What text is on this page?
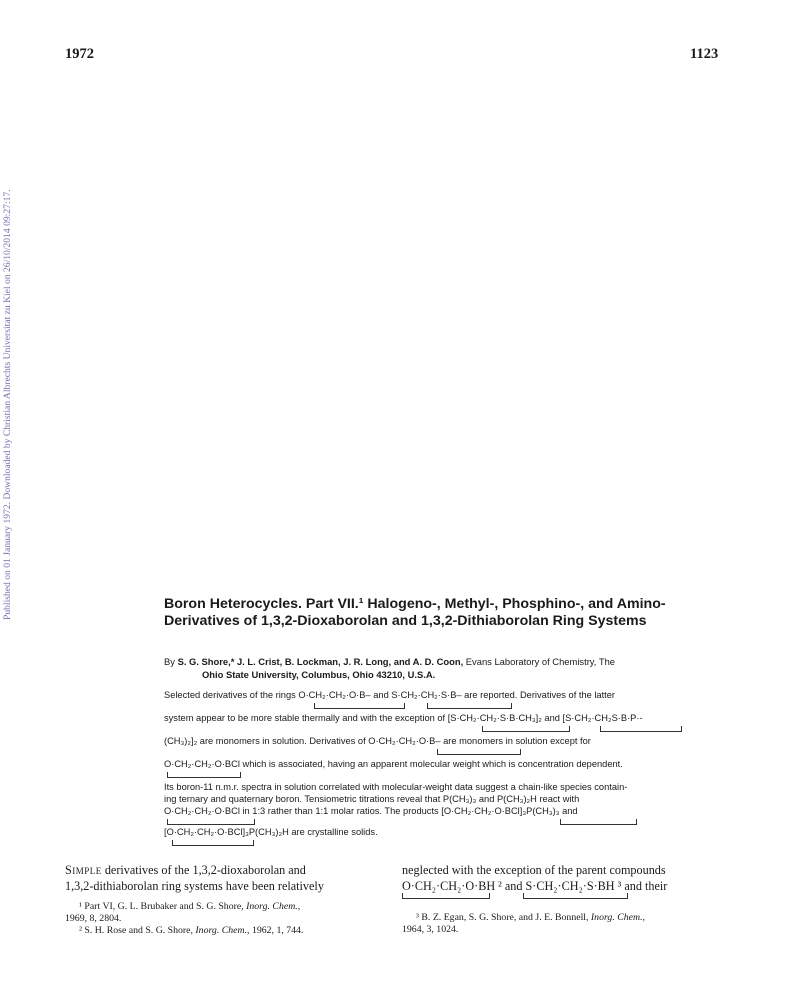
1972	1123
Published on 01 January 1972. Downloaded by Christian Albrechts Universitat zu Kiel on 26/10/2014 09:27:17.	Boron Heterocycles. Part VII.¹ Halogeno-, Methyl-, Phosphino-, and Amino-Derivatives of 1,3,2-Dioxaborolan and 1,3,2-Dithiaborolan Ring Systems
By S. G. Shore,* J. L. Crist, B. Lockman, J. R. Long, and A. D. Coon, Evans Laboratory of Chemistry, The
Ohio State University, Columbus, Ohio 43210, U.S.A.
Selected derivatives of the rings O·CH₂·CH₂·O·B– and S·CH₂·CH₂·S·B– are reported. Derivatives of the latter
system appear to be more stable thermally and with the exception of [S·CH₂·CH₂·S·B·CH₃]₂ and [S·CH₂·CH₂S·B·P·-
(CH₃)₂]₂ are monomers in solution. Derivatives of O·CH₂·CH₂·O·B– are monomers in solution except for
O·CH₂·CH₂·O·BCl which is associated, having an apparent molecular weight which is concentration dependent.
Its boron-11 n.m.r. spectra in solution correlated with molecular-weight data suggest a chain-like species contain-
ing ternary and quaternary boron. Tensiometric titrations reveal that P(CH₃)₃ and P(CH₃)₂H react with
O·CH₂·CH₂·O·BCl in 1:3 rather than 1:1 molar ratios. The products [O·CH₂·CH₂·O·BCl]₃P(CH₃)₃ and
[O·CH₂·CH₂·O·BCl]₃P(CH₃)₂H are crystalline solids.
Simple derivatives of the 1,3,2-dioxaborolan and
1,3,2-dithiaborolan ring systems have been relatively
neglected with the exception of the parent compounds
O·CH₂·CH₂·O·BH ² and S·CH₂·CH₂·S·BH ³ and their
¹ Part VI, G. L. Brubaker and S. G. Shore, Inorg. Chem.,
1969, 8, 2804.
² S. H. Rose and S. G. Shore, Inorg. Chem., 1962, 1, 744.
³ B. Z. Egan, S. G. Shore, and J. E. Bonnell, Inorg. Chem.,
1964, 3, 1024.
